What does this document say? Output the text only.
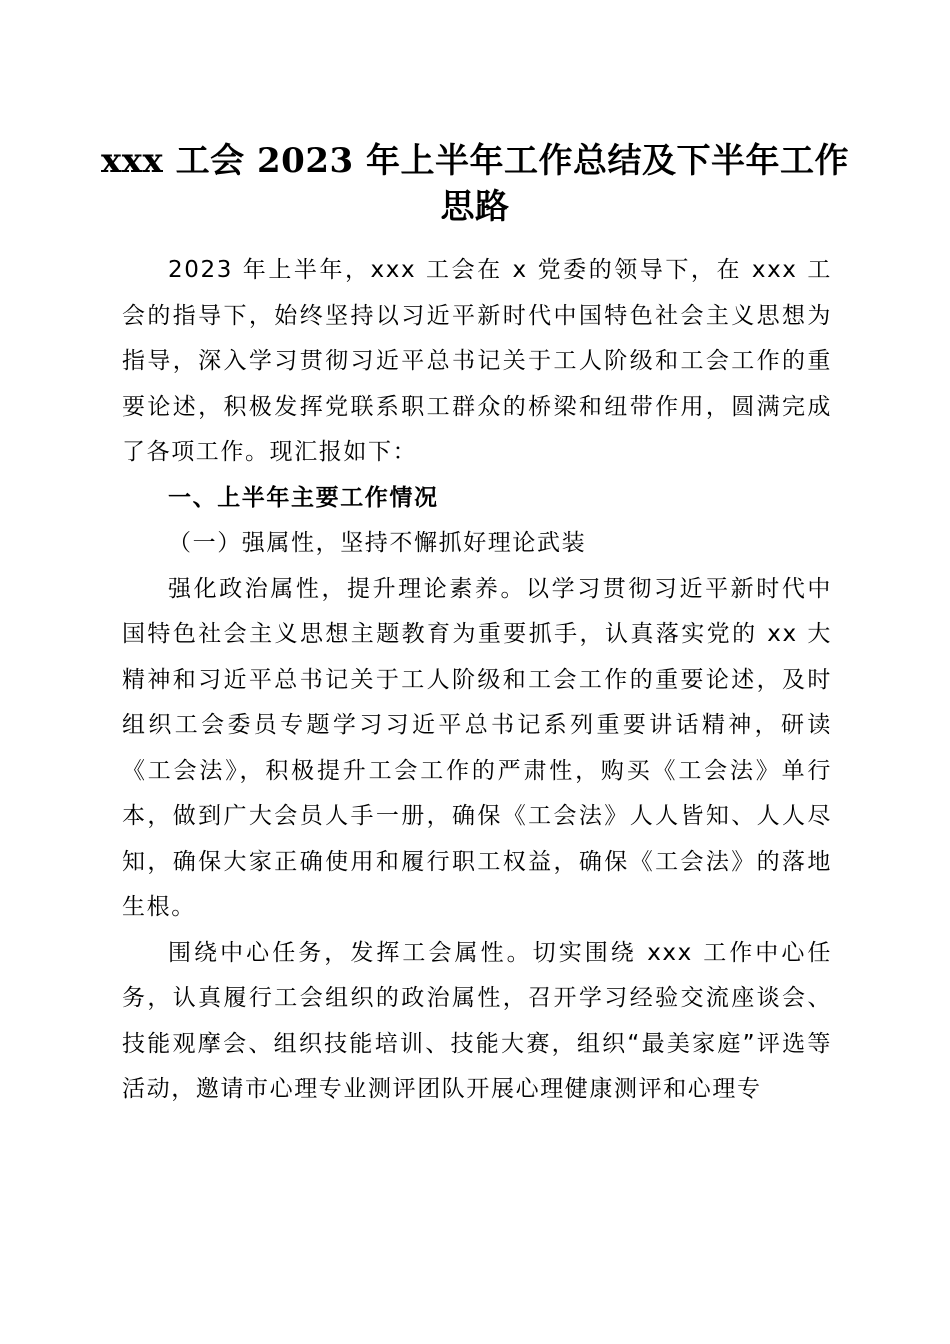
xxx 工会 2023 年上半年工作总结及下半年工作
思路

2023 年上半年，xxx 工会在 x 党委的领导下，在 xxx 工会的指导下，始终坚持以习近平新时代中国特色社会主义思想为指导，深入学习贯彻习近平总书记关于工人阶级和工会工作的重要论述，积极发挥党联系职工群众的桥梁和纽带作用，圆满完成了各项工作。现汇报如下：

一、上半年主要工作情况

（一）强属性，坚持不懈抓好理论武装

强化政治属性，提升理论素养。以学习贯彻习近平新时代中国特色社会主义思想主题教育为重要抓手，认真落实党的 xx 大精神和习近平总书记关于工人阶级和工会工作的重要论述，及时组织工会委员专题学习习近平总书记系列重要讲话精神，研读《工会法》，积极提升工会工作的严肃性，购买《工会法》单行本，做到广大会员人手一册，确保《工会法》人人皆知、人人尽知，确保大家正确使用和履行职工权益，确保《工会法》的落地生根。

围绕中心任务，发挥工会属性。切实围绕 xxx 工作中心任务，认真履行工会组织的政治属性，召开学习经验交流座谈会、技能观摩会、组织技能培训、技能大赛，组织“最美家庭”评选等活动，邀请市心理专业测评团队开展心理健康测评和心理专
